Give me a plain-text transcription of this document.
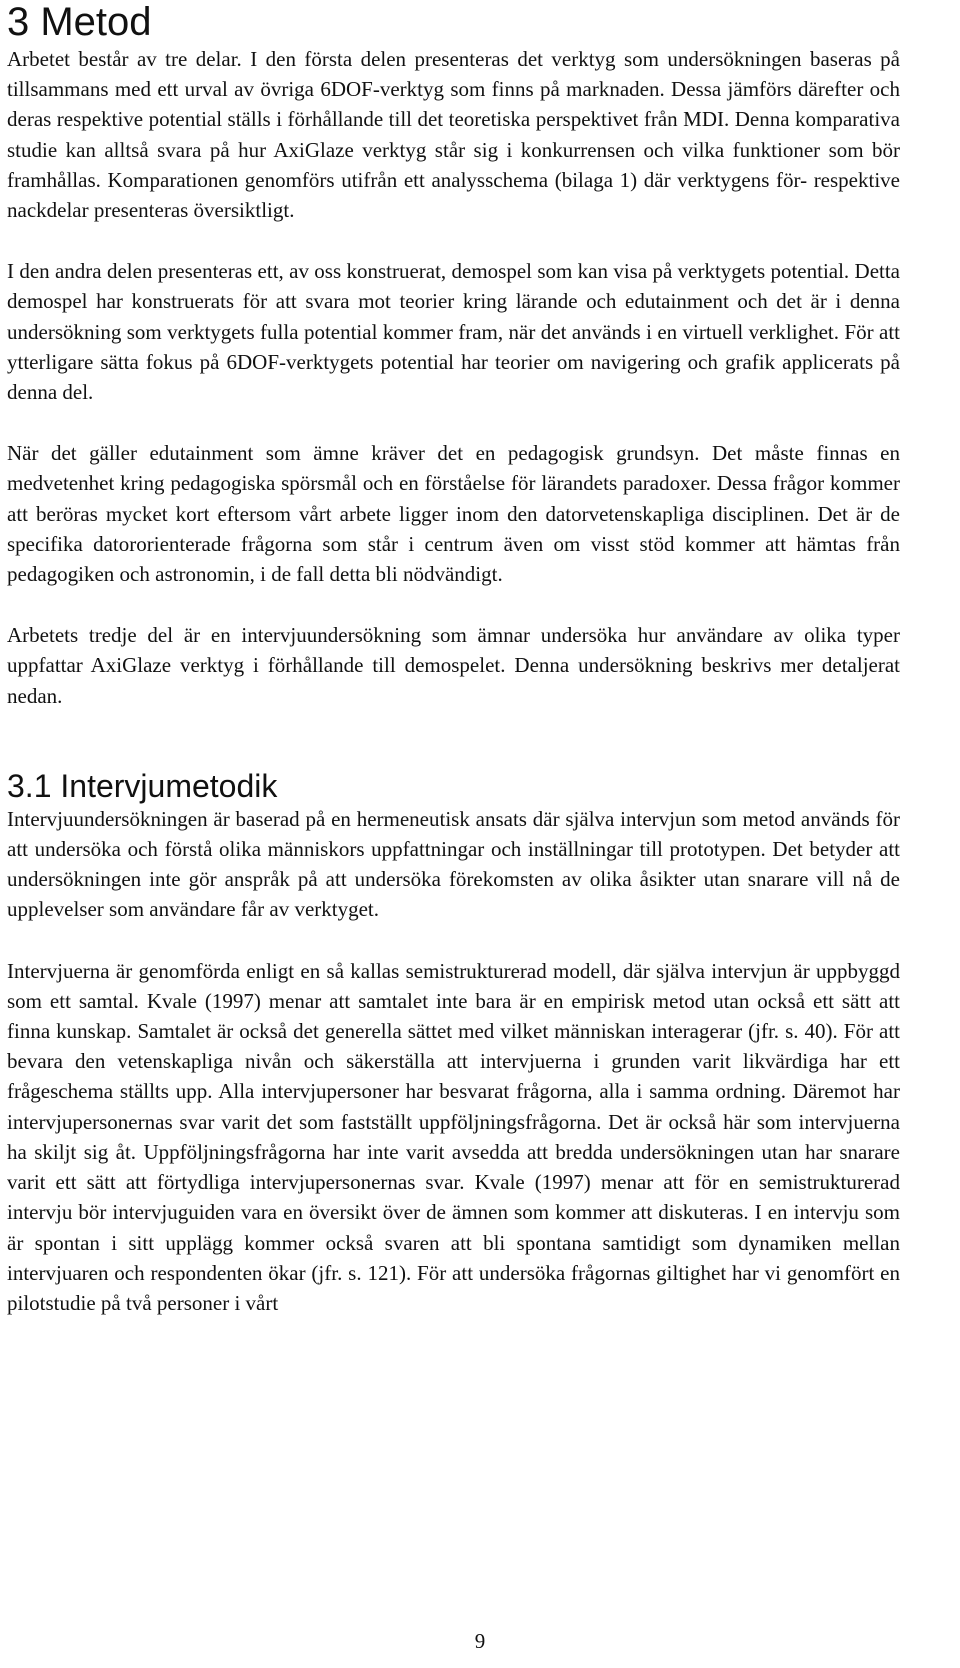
3 Metod

Arbetet består av tre delar. I den första delen presenteras det verktyg som undersökningen baseras på tillsammans med ett urval av övriga 6DOF-verktyg som finns på marknaden. Dessa jämförs därefter och deras respektive potential ställs i förhållande till det teoretiska perspektivet från MDI. Denna komparativa studie kan alltså svara på hur AxiGlaze verktyg står sig i konkurrensen och vilka funktioner som bör framhållas. Komparationen genomförs utifrån ett analysschema (bilaga 1) där verktygens för- respektive nackdelar presenteras översiktligt.

I den andra delen presenteras ett, av oss konstruerat, demospel som kan visa på verktygets potential. Detta demospel har konstruerats för att svara mot teorier kring lärande och edutainment och det är i denna undersökning som verktygets fulla potential kommer fram, när det används i en virtuell verklighet. För att ytterligare sätta fokus på 6DOF-verktygets potential har teorier om navigering och grafik applicerats på denna del.

När det gäller edutainment som ämne kräver det en pedagogisk grundsyn. Det måste finnas en medvetenhet kring pedagogiska spörsmål och en förståelse för lärandets paradoxer. Dessa frågor kommer att beröras mycket kort eftersom vårt arbete ligger inom den datorvetenskapliga disciplinen. Det är de specifika datororienterade frågorna som står i centrum även om visst stöd kommer att hämtas från pedagogiken och astronomin, i de fall detta bli nödvändigt.

Arbetets tredje del är en intervjuundersökning som ämnar undersöka hur användare av olika typer uppfattar AxiGlaze verktyg i förhållande till demospelet. Denna undersökning beskrivs mer detaljerat nedan.

3.1 Intervjumetodik

Intervjuundersökningen är baserad på en hermeneutisk ansats där själva intervjun som metod används för att undersöka och förstå olika människors uppfattningar och inställningar till prototypen. Det betyder att undersökningen inte gör anspråk på att undersöka förekomsten av olika åsikter utan snarare vill nå de upplevelser som användare får av verktyget.

Intervjuerna är genomförda enligt en så kallas semistrukturerad modell, där själva intervjun är uppbyggd som ett samtal. Kvale (1997) menar att samtalet inte bara är en empirisk metod utan också ett sätt att finna kunskap. Samtalet är också det generella sättet med vilket människan interagerar (jfr. s. 40). För att bevara den vetenskapliga nivån och säkerställa att intervjuerna i grunden varit likvärdiga har ett frågeschema ställts upp. Alla intervjupersoner har besvarat frågorna, alla i samma ordning. Däremot har intervjupersonernas svar varit det som fastställt uppföljningsfrågorna. Det är också här som intervjuerna ha skiljt sig åt. Uppföljningsfrågorna har inte varit avsedda att bredda undersökningen utan har snarare varit ett sätt att förtydliga intervjupersonernas svar. Kvale (1997) menar att för en semistrukturerad intervju bör intervjuguiden vara en översikt över de ämnen som kommer att diskuteras. I en intervju som är spontan i sitt upplägg kommer också svaren att bli spontana samtidigt som dynamiken mellan intervjuaren och respondenten ökar (jfr. s. 121). För att undersöka frågornas giltighet har vi genomfört en pilotstudie på två personer i vårt

9
